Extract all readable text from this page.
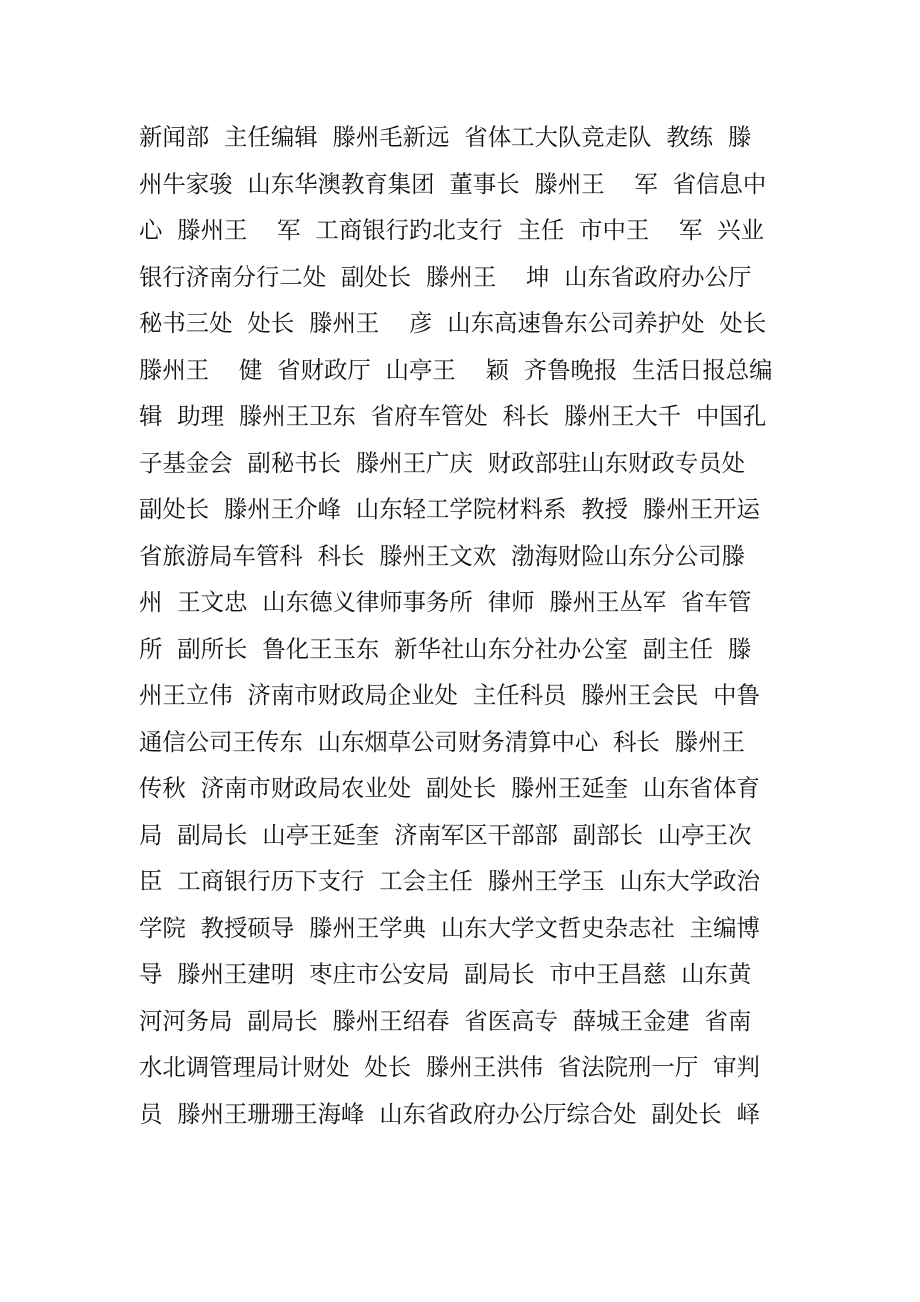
新闻部  主任编辑  滕州毛新远  省体工大队竞走队  教练  滕
州牛家骏  山东华澳教育集团  董事长  滕州王    军  省信息中
心  滕州王    军  工商银行趵北支行  主任  市中王    军  兴业
银行济南分行二处  副处长  滕州王    坤  山东省政府办公厅
秘书三处  处长  滕州王    彦  山东高速鲁东公司养护处  处长
滕州王    健  省财政厅  山亭王    颖  齐鲁晚报  生活日报总编
辑  助理  滕州王卫东  省府车管处  科长  滕州王大千  中国孔
子基金会  副秘书长  滕州王广庆  财政部驻山东财政专员处
副处长  滕州王介峰  山东轻工学院材料系  教授  滕州王开运
省旅游局车管科  科长  滕州王文欢  渤海财险山东分公司滕
州  王文忠  山东德义律师事务所  律师  滕州王丛军  省车管
所  副所长  鲁化王玉东  新华社山东分社办公室  副主任  滕
州王立伟  济南市财政局企业处  主任科员  滕州王会民  中鲁
通信公司王传东  山东烟草公司财务清算中心  科长  滕州王
传秋  济南市财政局农业处  副处长  滕州王延奎  山东省体育
局  副局长  山亭王延奎  济南军区干部部  副部长  山亭王次
臣  工商银行历下支行  工会主任  滕州王学玉  山东大学政治
学院  教授硕导  滕州王学典  山东大学文哲史杂志社  主编博
导  滕州王建明  枣庄市公安局  副局长  市中王昌慈  山东黄
河河务局  副局长  滕州王绍春  省医高专  薛城王金建  省南
水北调管理局计财处  处长  滕州王洪伟  省法院刑一厅  审判
员  滕州王珊珊王海峰  山东省政府办公厅综合处  副处长  峄
